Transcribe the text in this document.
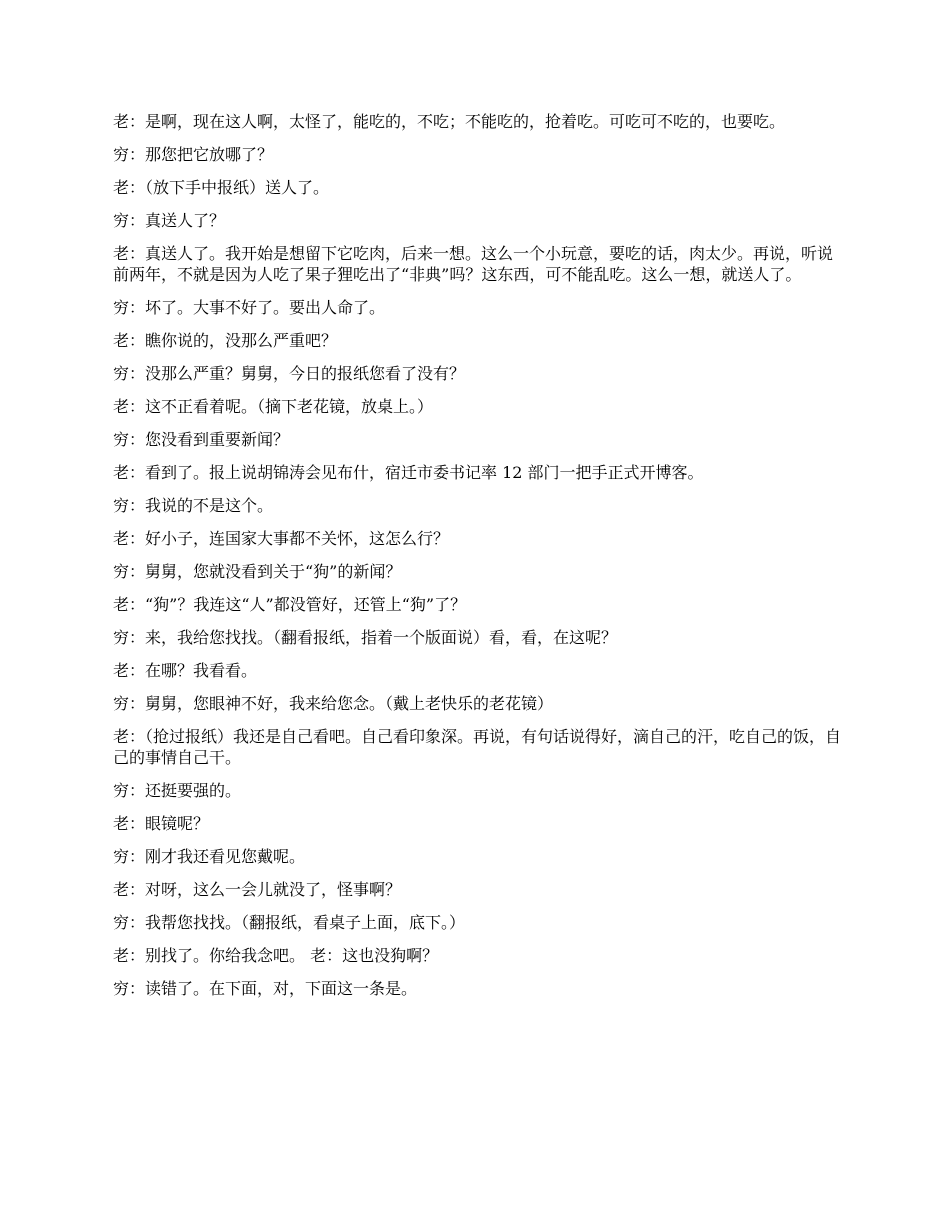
老：是啊，现在这人啊，太怪了，能吃的，不吃；不能吃的，抢着吃。可吃可不吃的，也要吃。

穷：那您把它放哪了？

老：（放下手中报纸）送人了。

穷：真送人了？

老：真送人了。我开始是想留下它吃肉，后来一想。这么一个小玩意，要吃的话，肉太少。再说，听说前两年，不就是因为人吃了果子狸吃出了“非典”吗？这东西，可不能乱吃。这么一想，就送人了。

穷：坏了。大事不好了。要出人命了。

老：瞧你说的，没那么严重吧？

穷：没那么严重？舅舅，今日的报纸您看了没有？

老：这不正看着呢。（摘下老花镜，放桌上。）

穷：您没看到重要新闻？

老：看到了。报上说胡锦涛会见布什，宿迁市委书记率 12 部门一把手正式开博客。

穷：我说的不是这个。

老：好小子，连国家大事都不关怀，这怎么行？

穷：舅舅，您就没看到关于“狗”的新闻？

老：“狗”？我连这“人”都没管好，还管上“狗”了？

穷：来，我给您找找。（翻看报纸，指着一个版面说）看，看，在这呢？

老：在哪？我看看。

穷：舅舅，您眼神不好，我来给您念。（戴上老快乐的老花镜）

老：（抢过报纸）我还是自己看吧。自己看印象深。再说，有句话说得好，滴自己的汗，吃自己的饭，自己的事情自己干。

穷：还挺要强的。

老：眼镜呢？

穷：刚才我还看见您戴呢。

老：对呀，这么一会儿就没了，怪事啊？

穷：我帮您找找。（翻报纸，看桌子上面，底下。）

老：别找了。你给我念吧。 老：这也没狗啊？

穷：读错了。在下面，对，下面这一条是。
